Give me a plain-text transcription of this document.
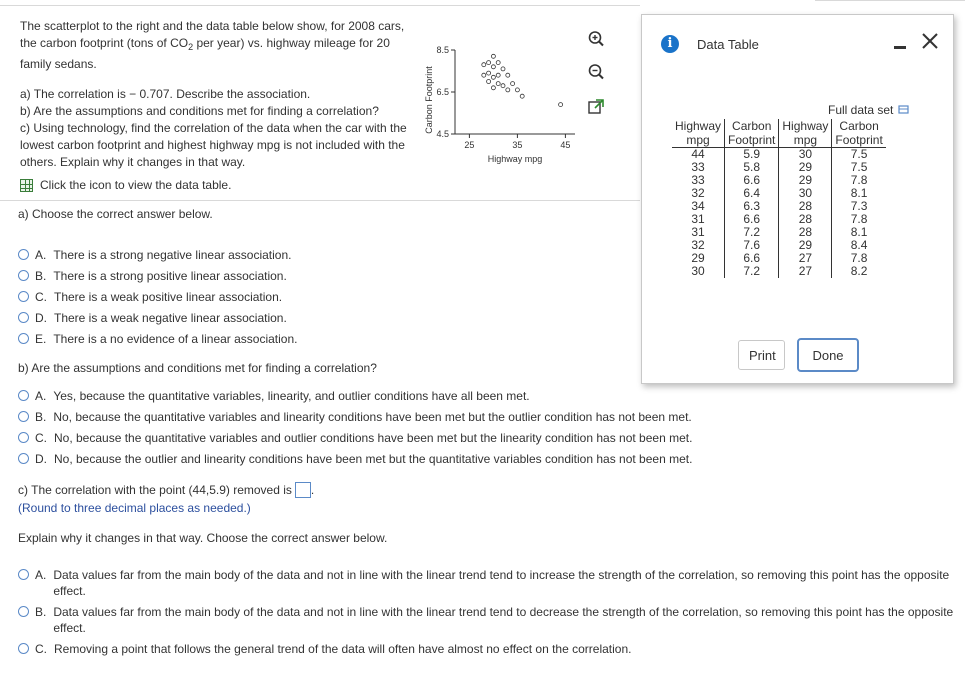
The scatterplot to the right and the data table below show, for 2008 cars, the carbon footprint (tons of $CO_2$ per year) vs. highway mileage for 20 family sedans.

a) The correlation is − 0.707. Describe the association.

b) Are the assumptions and conditions met for finding a correlation?

c) Using technology, find the correlation of the data when the car with the lowest carbon footprint and highest highway mpg is not included with the others. Explain why it changes in that way.

Click the icon to view the data table.
4.5
6.5
8.5
25	35	45
Highway mpg
Carbon Footprint
a) Choose the correct answer below.
A. There is a strong negative linear association.
B. There is a strong positive linear association.
C. There is a weak positive linear association.
D. There is a weak negative linear association.
E. There is a no evidence of a linear association.
b) Are the assumptions and conditions met for finding a correlation?
A. Yes, because the quantitative variables, linearity, and outlier conditions have all been met.
B. No, because the quantitative variables and linearity conditions have been met but the outlier condition has not been met.
C. No, because the quantitative variables and outlier conditions have been met but the linearity condition has not been met.
D. No, because the outlier and linearity conditions have been met but the quantitative variables condition has not been met.
c) The correlation with the point (44,5.9) removed is .
(Round to three decimal places as needed.)
Explain why it changes in that way. Choose the correct answer below.
A. Data values far from the main body of the data and not in line with the linear trend tend to increase the strength of the correlation, so removing this point has the opposite effect.
B. Data values far from the main body of the data and not in line with the linear trend tend to decrease the strength of the correlation, so removing this point has the opposite effect.
C. Removing a point that follows the general trend of the data will often have almost no effect on the correlation.
i	Data Table
Full data set
Highway	Carbon	Highway	Carbon
mpg	Footprint	mpg	Footprint
44	5.9	30	7.5
33	5.8	29	7.5
33	6.6	29	7.8
32	6.4	30	8.1
34	6.3	28	7.3
31	6.6	28	7.8
31	7.2	28	8.1
32	7.6	29	8.4
29	6.6	27	7.8
30	7.2	27	8.2
Print	Done
